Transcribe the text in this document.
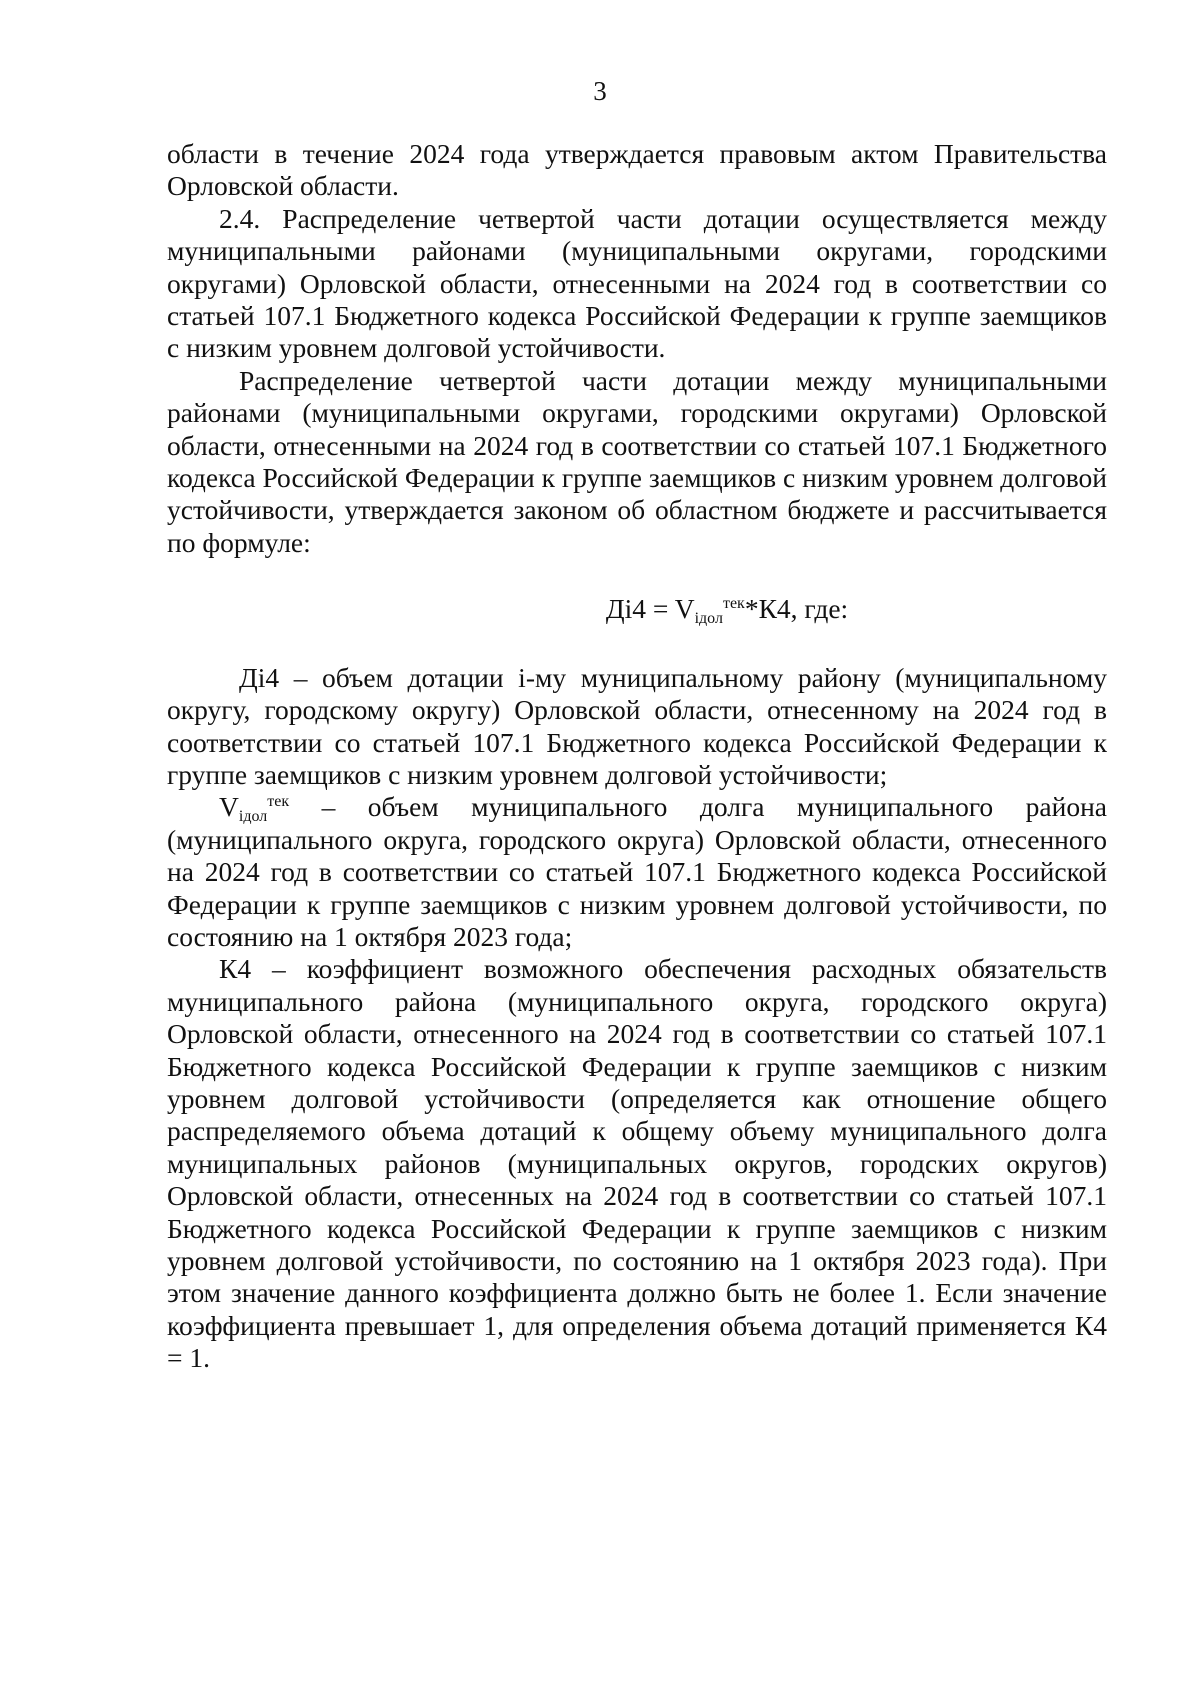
3

области в течение 2024 года утверждается правовым актом Правительства Орловской области.

2.4. Распределение четвертой части дотации осуществляется между муниципальными районами (муниципальными округами, городскими округами) Орловской области, отнесенными на 2024 год в соответствии со статьей 107.1 Бюджетного кодекса Российской Федерации к группе заемщиков с низким уровнем долговой устойчивости.

Распределение четвертой части дотации между муниципальными районами (муниципальными округами, городскими округами) Орловской области, отнесенными на 2024 год в соответствии со статьей 107.1 Бюджетного кодекса Российской Федерации к группе заемщиков с низким уровнем долговой устойчивости, утверждается законом об областном бюджете и рассчитывается по формуле:

$Дi4 = V_{iдол}^{тек}*К4$, где:

Дi4 – объем дотации i-му муниципальному району (муниципальному округу, городскому округу) Орловской области, отнесенному на 2024 год в соответствии со статьей 107.1 Бюджетного кодекса Российской Федерации к группе заемщиков с низким уровнем долговой устойчивости;

$V_{iдол}^{тек}$ – объем муниципального долга муниципального района (муниципального округа, городского округа) Орловской области, отнесенного на 2024 год в соответствии со статьей 107.1 Бюджетного кодекса Российской Федерации к группе заемщиков с низким уровнем долговой устойчивости, по состоянию на 1 октября 2023 года;

К4 – коэффициент возможного обеспечения расходных обязательств муниципального района (муниципального округа, городского округа) Орловской области, отнесенного на 2024 год в соответствии со статьей 107.1 Бюджетного кодекса Российской Федерации к группе заемщиков с низким уровнем долговой устойчивости (определяется как отношение общего распределяемого объема дотаций к общему объему муниципального долга муниципальных районов (муниципальных округов, городских округов) Орловской области, отнесенных на 2024 год в соответствии со статьей 107.1 Бюджетного кодекса Российской Федерации к группе заемщиков с низким уровнем долговой устойчивости, по состоянию на 1 октября 2023 года). При этом значение данного коэффициента должно быть не более 1. Если значение коэффициента превышает 1, для определения объема дотаций применяется К4 = 1.
